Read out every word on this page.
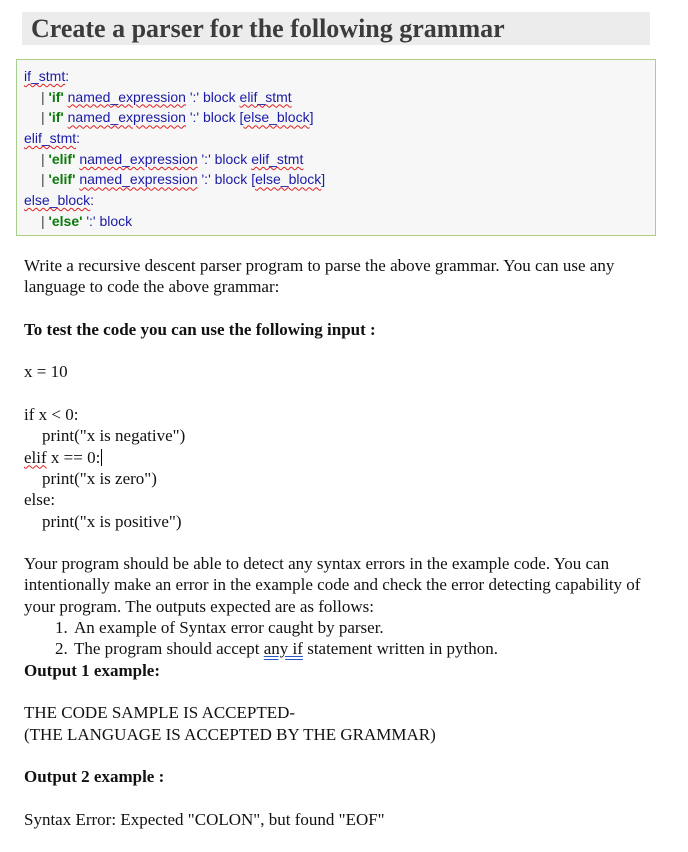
Create a parser for the following grammar
if_stmt:
| 'if' named_expression ':' block elif_stmt
| 'if' named_expression ':' block [else_block]
elif_stmt:
| 'elif' named_expression ':' block elif_stmt
| 'elif' named_expression ':' block [else_block]
else_block:
| 'else' ':' block

Write a recursive descent parser program to parse the above grammar. You can use any language to code the above grammar:

To test the code you can use the following input :

x = 10

if x < 0:

print("x is negative")

elif x == 0:

print("x is zero")

else:

print("x is positive")

Your program should be able to detect any syntax errors in the example code. You can intentionally make an error in the example code and check the error detecting capability of your program. The outputs expected are as follows:

1. An example of Syntax error caught by parser.
2. The program should accept any if statement written in python.

Output 1 example:

THE CODE SAMPLE IS ACCEPTED-

(THE LANGUAGE IS ACCEPTED BY THE GRAMMAR)

Output 2 example :

Syntax Error: Expected "COLON", but found "EOF"
